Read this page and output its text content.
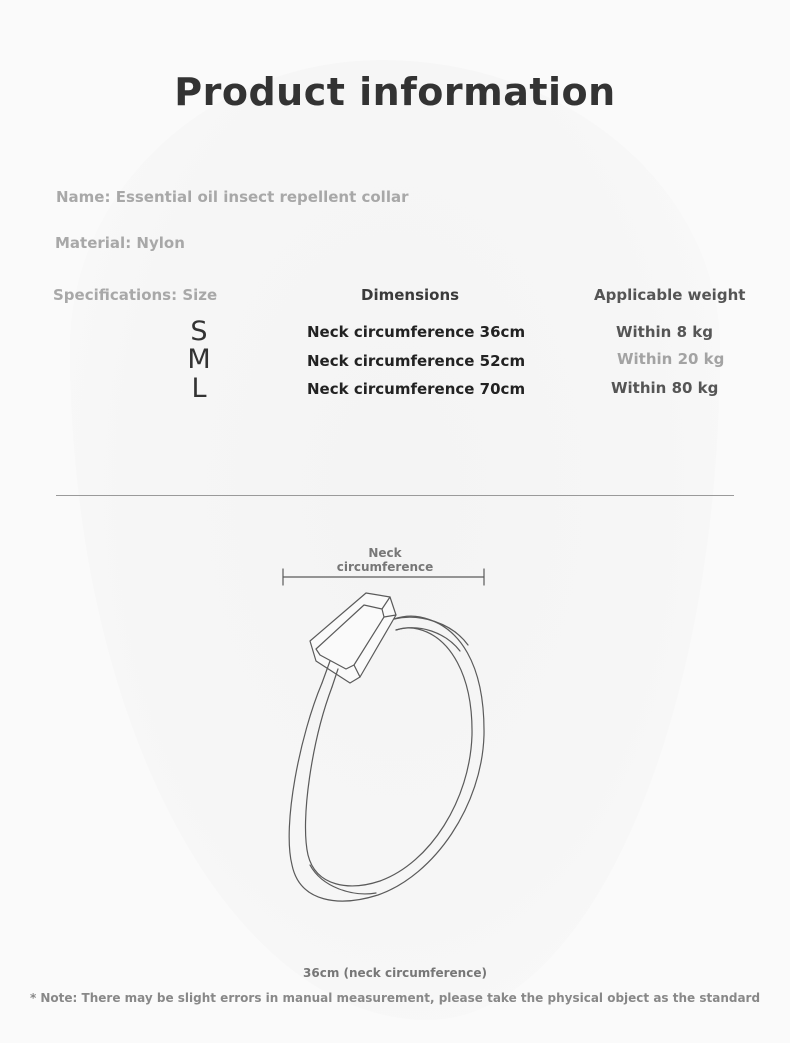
Product information
Name: Essential oil insect repellent collar
Material: Nylon
Specifications: Size	Dimensions	Applicable weight
S
M
L
Neck circumference 36cm
Neck circumference 52cm
Neck circumference 70cm
Within 8 kg
Within 20 kg
Within 80 kg
Neck
circumference
36cm (neck circumference)
* Note: There may be slight errors in manual measurement, please take the physical object as the standard
